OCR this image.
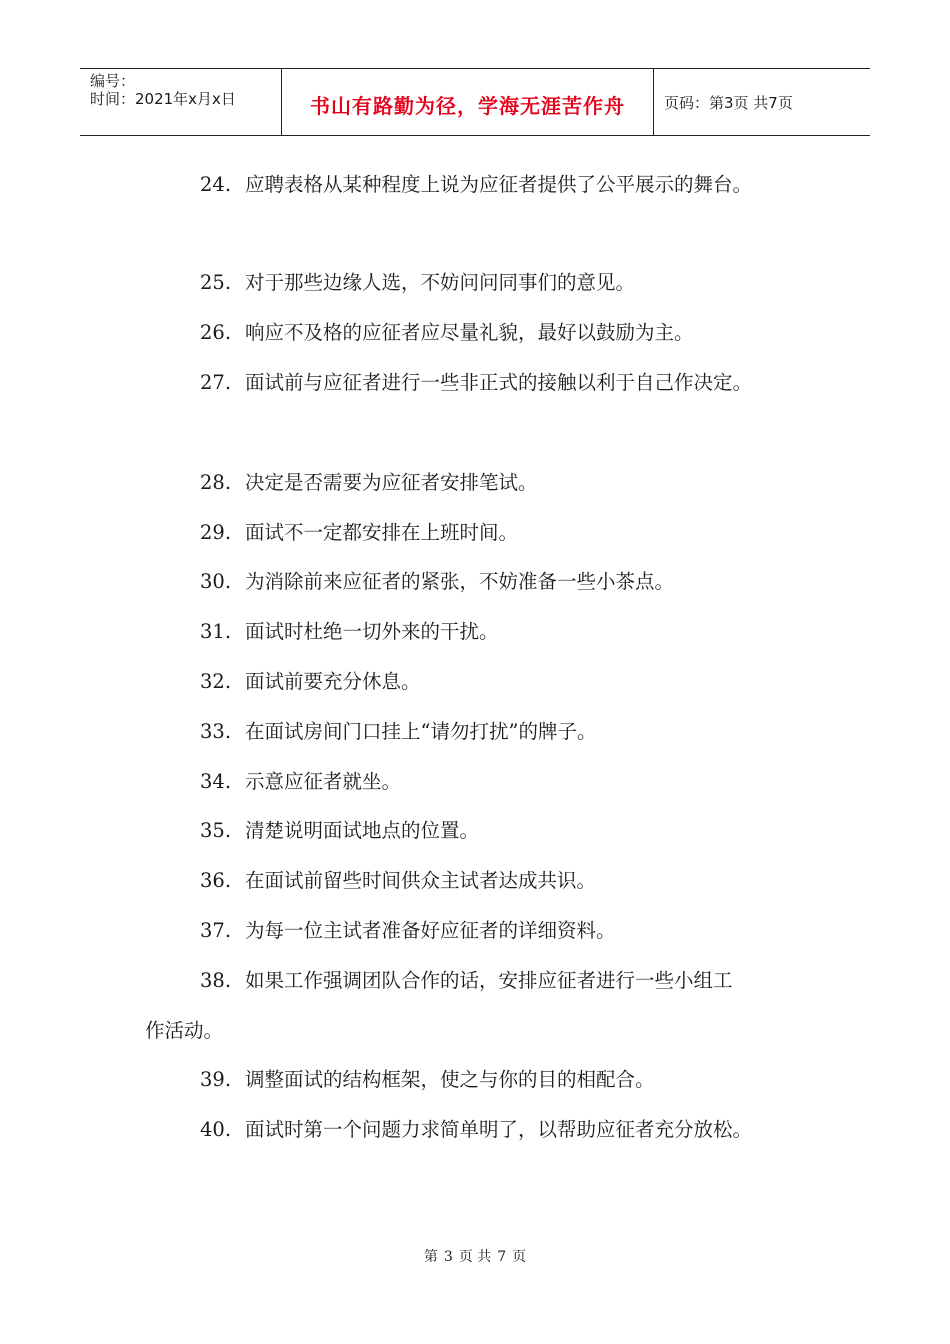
编号：
时间：2021年x月x日	书山有路勤为径，学海无涯苦作舟	页码：第3页 共7页
24. 应聘表格从某种程度上说为应征者提供了公平展示的舞台。
25. 对于那些边缘人选，不妨问问同事们的意见。
26. 响应不及格的应征者应尽量礼貌，最好以鼓励为主。
27. 面试前与应征者进行一些非正式的接触以利于自己作决定。
28. 决定是否需要为应征者安排笔试。
29. 面试不一定都安排在上班时间。
30. 为消除前来应征者的紧张，不妨准备一些小茶点。
31. 面试时杜绝一切外来的干扰。
32. 面试前要充分休息。
33. 在面试房间门口挂上“请勿打扰”的牌子。
34. 示意应征者就坐。
35. 清楚说明面试地点的位置。
36. 在面试前留些时间供众主试者达成共识。
37. 为每一位主试者准备好应征者的详细资料。
38. 如果工作强调团队合作的话，安排应征者进行一些小组工
作活动。
39. 调整面试的结构框架，使之与你的目的相配合。
40. 面试时第一个问题力求简单明了，以帮助应征者充分放松。
第 3 页 共 7 页
